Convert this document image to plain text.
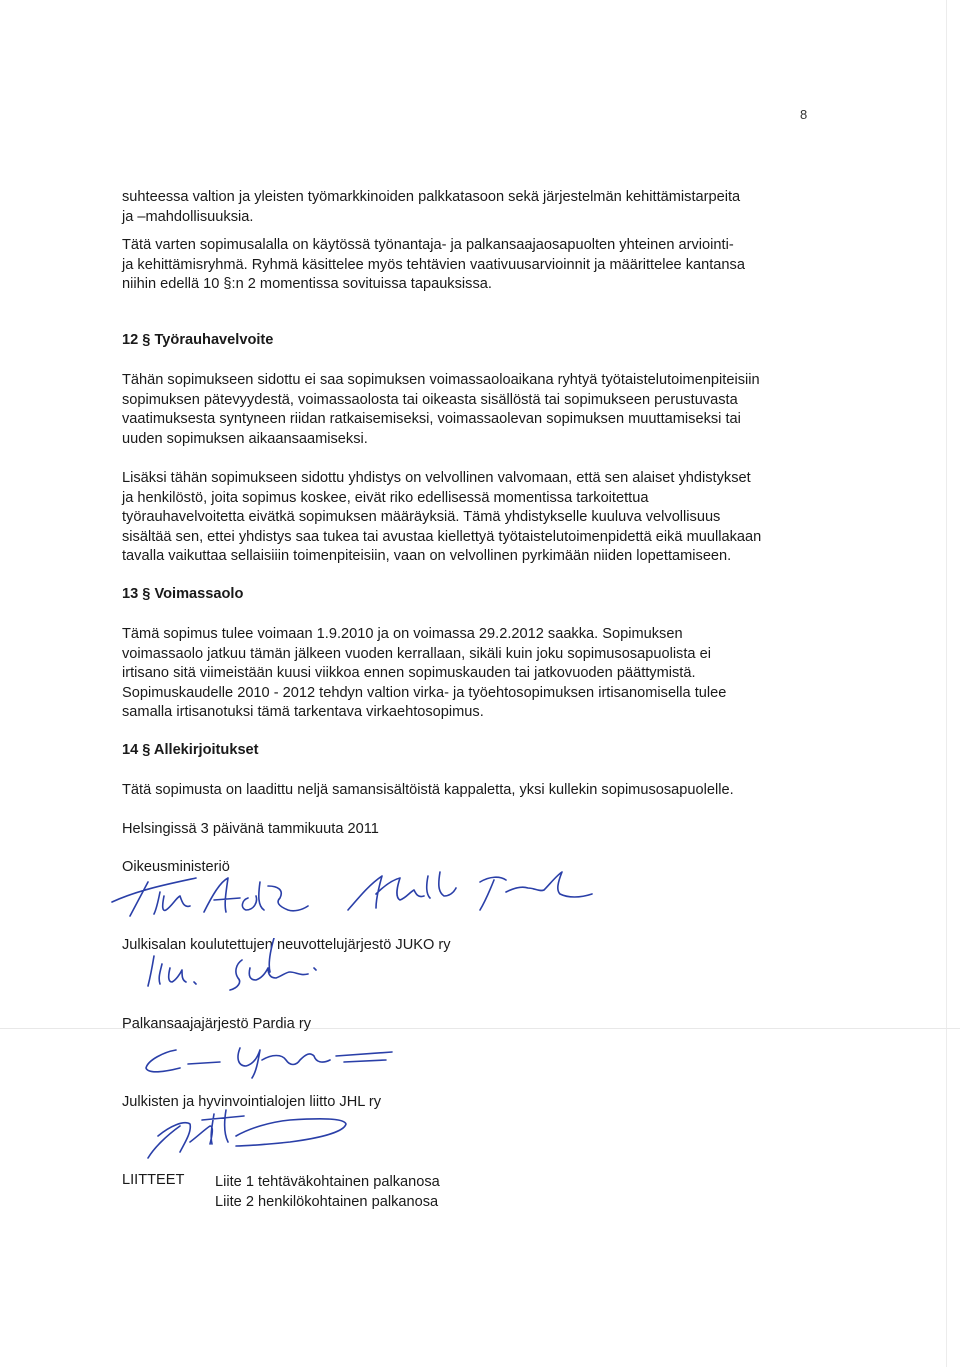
8
suhteessa valtion ja yleisten työmarkkinoiden palkkatasoon sekä järjestelmän kehittämistarpeita
ja –mahdollisuuksia.
Tätä varten sopimusalalla on käytössä työnantaja- ja palkansaajaosapuolten yhteinen arviointi-
ja kehittämisryhmä. Ryhmä käsittelee myös tehtävien vaativuusarvioinnit ja määrittelee kantansa
niihin edellä 10 §:n 2 momentissa sovituissa tapauksissa.
12 § Työrauhavelvoite
Tähän sopimukseen sidottu ei saa sopimuksen voimassaoloaikana ryhtyä työtaistelutoimenpiteisiin
sopimuksen pätevyydestä, voimassaolosta tai oikeasta sisällöstä tai sopimukseen perustuvasta
vaatimuksesta syntyneen riidan ratkaisemiseksi, voimassaolevan sopimuksen muuttamiseksi tai
uuden sopimuksen aikaansaamiseksi.
Lisäksi tähän sopimukseen sidottu yhdistys on velvollinen valvomaan, että sen alaiset yhdistykset
ja henkilöstö, joita sopimus koskee, eivät riko edellisessä momentissa tarkoitettua
työrauhavelvoitetta eivätkä sopimuksen määräyksiä. Tämä yhdistykselle kuuluva velvollisuus
sisältää sen, ettei yhdistys saa tukea tai avustaa kiellettyä työtaistelutoimenpidettä eikä muullakaan
tavalla vaikuttaa sellaisiiin toimenpiteisiin, vaan on velvollinen pyrkimään niiden lopettamiseen.
13 § Voimassaolo
Tämä sopimus tulee voimaan 1.9.2010 ja on voimassa 29.2.2012 saakka. Sopimuksen
voimassaolo jatkuu tämän jälkeen vuoden kerrallaan, sikäli kuin joku sopimusosapuolista ei
irtisano sitä viimeistään kuusi viikkoa ennen sopimuskauden tai jatkovuoden päättymistä.
Sopimuskaudelle 2010 - 2012 tehdyn valtion virka- ja työehtosopimuksen irtisanomisella tulee
samalla irtisanotuksi tämä tarkentava virkaehtosopimus.
14 § Allekirjoitukset
Tätä sopimusta on laadittu neljä samansisältöistä kappaletta, yksi kullekin sopimusosapuolelle.
Helsingissä 3 päivänä tammikuuta 2011
Oikeusministeriö
Julkisalan koulutettujen neuvottelujärjestö JUKO ry
Palkansaajajärjestö Pardia ry
Julkisten ja hyvinvointialojen liitto JHL ry
LIITTEET Liite 1 tehtäväkohtainen palkanosa
Liite 2 henkilökohtainen palkanosa
